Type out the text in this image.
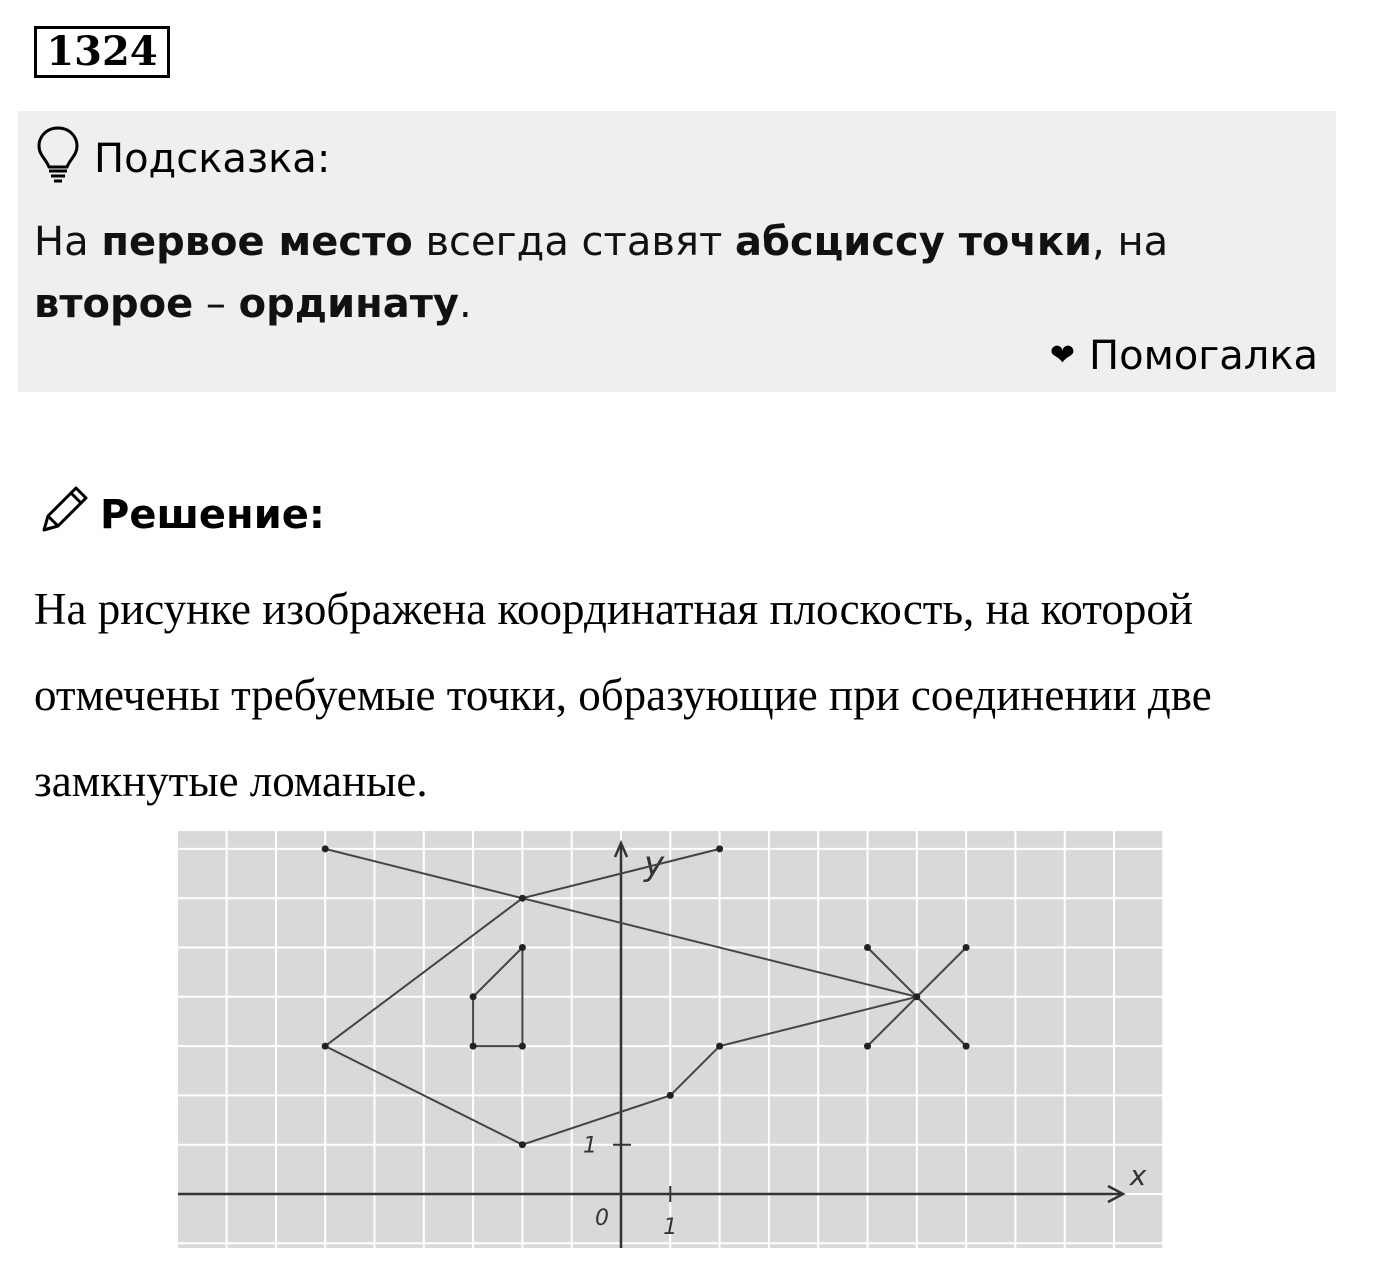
1324
Подсказка:
На первое место всегда ставят абсциссу точки, на второе – ординату.
❤ Помогалка
Решение:
На рисунке изображена координатная плоскость, на которой отмечены требуемые точки, образующие при соединении две замкнутые ломаные.
x
y
0 1
1
